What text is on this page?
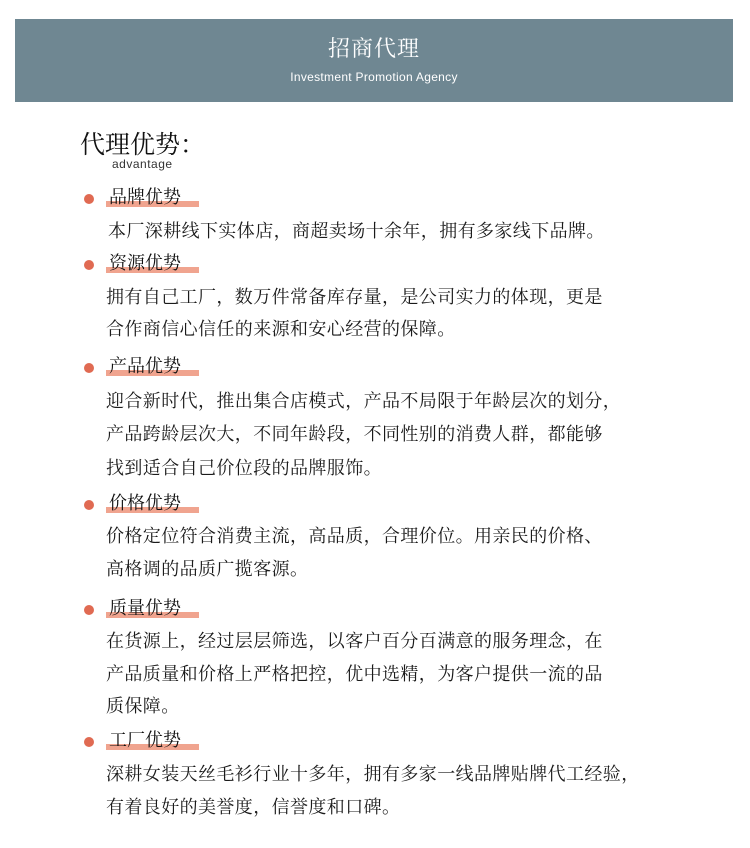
招商代理
Investment Promotion Agency
代理优势：
advantage
品牌优势
本厂深耕线下实体店，商超卖场十余年，拥有多家线下品牌。
资源优势
拥有自己工厂，数万件常备库存量，是公司实力的体现，更是
合作商信心信任的来源和安心经营的保障。
产品优势
迎合新时代，推出集合店模式，产品不局限于年龄层次的划分，
产品跨龄层次大，不同年龄段，不同性别的消费人群，都能够
找到适合自己价位段的品牌服饰。
价格优势
价格定位符合消费主流，高品质，合理价位。用亲民的价格、
高格调的品质广揽客源。
质量优势
在货源上，经过层层筛选，以客户百分百满意的服务理念，在
产品质量和价格上严格把控，优中选精，为客户提供一流的品
质保障。
工厂优势
深耕女装天丝毛衫行业十多年，拥有多家一线品牌贴牌代工经验，
有着良好的美誉度，信誉度和口碑。
